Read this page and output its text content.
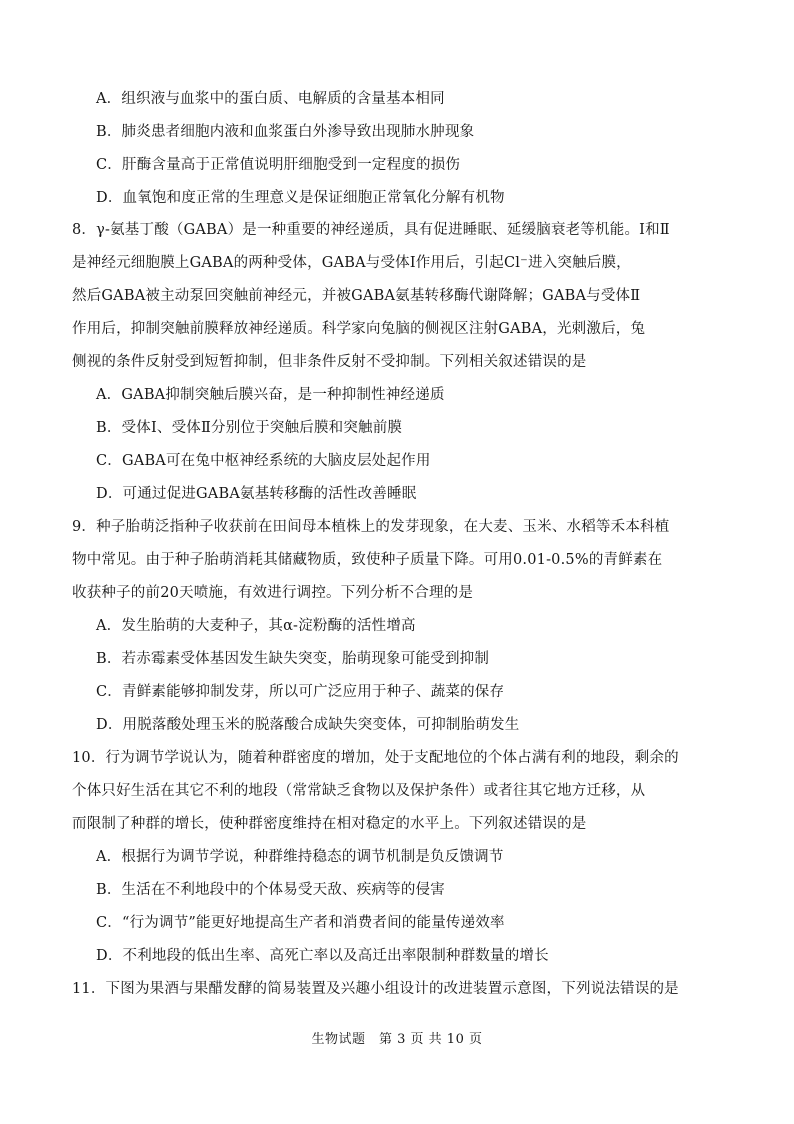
A．组织液与血浆中的蛋白质、电解质的含量基本相同
B．肺炎患者细胞内液和血浆蛋白外渗导致出现肺水肿现象
C．肝酶含量高于正常值说明肝细胞受到一定程度的损伤
D．血氧饱和度正常的生理意义是保证细胞正常氧化分解有机物
8．γ-氨基丁酸（GABA）是一种重要的神经递质，具有促进睡眠、延缓脑衰老等机能。Ⅰ和Ⅱ
是神经元细胞膜上GABA的两种受体，GABA与受体Ⅰ作用后，引起Cl⁻进入突触后膜，
然后GABA被主动泵回突触前神经元，并被GABA氨基转移酶代谢降解；GABA与受体Ⅱ
作用后，抑制突触前膜释放神经递质。科学家向兔脑的侧视区注射GABA，光刺激后，兔
侧视的条件反射受到短暂抑制，但非条件反射不受抑制。下列相关叙述错误的是
A．GABA抑制突触后膜兴奋，是一种抑制性神经递质
B．受体Ⅰ、受体Ⅱ分别位于突触后膜和突触前膜
C．GABA可在兔中枢神经系统的大脑皮层处起作用
D．可通过促进GABA氨基转移酶的活性改善睡眠
9．种子胎萌泛指种子收获前在田间母本植株上的发芽现象，在大麦、玉米、水稻等禾本科植
物中常见。由于种子胎萌消耗其储藏物质，致使种子质量下降。可用0.01-0.5%的青鲜素在
收获种子的前20天喷施，有效进行调控。下列分析不合理的是
A．发生胎萌的大麦种子，其α-淀粉酶的活性增高
B．若赤霉素受体基因发生缺失突变，胎萌现象可能受到抑制
C．青鲜素能够抑制发芽，所以可广泛应用于种子、蔬菜的保存
D．用脱落酸处理玉米的脱落酸合成缺失突变体，可抑制胎萌发生
10．行为调节学说认为，随着种群密度的增加，处于支配地位的个体占满有利的地段，剩余的
个体只好生活在其它不利的地段（常常缺乏食物以及保护条件）或者往其它地方迁移，从
而限制了种群的增长，使种群密度维持在相对稳定的水平上。下列叙述错误的是
A．根据行为调节学说，种群维持稳态的调节机制是负反馈调节
B．生活在不利地段中的个体易受天敌、疾病等的侵害
C．“行为调节”能更好地提高生产者和消费者间的能量传递效率
D．不利地段的低出生率、高死亡率以及高迁出率限制种群数量的增长
11．下图为果酒与果醋发酵的简易装置及兴趣小组设计的改进装置示意图，下列说法错误的是
生物试题　第 3 页 共 10 页
